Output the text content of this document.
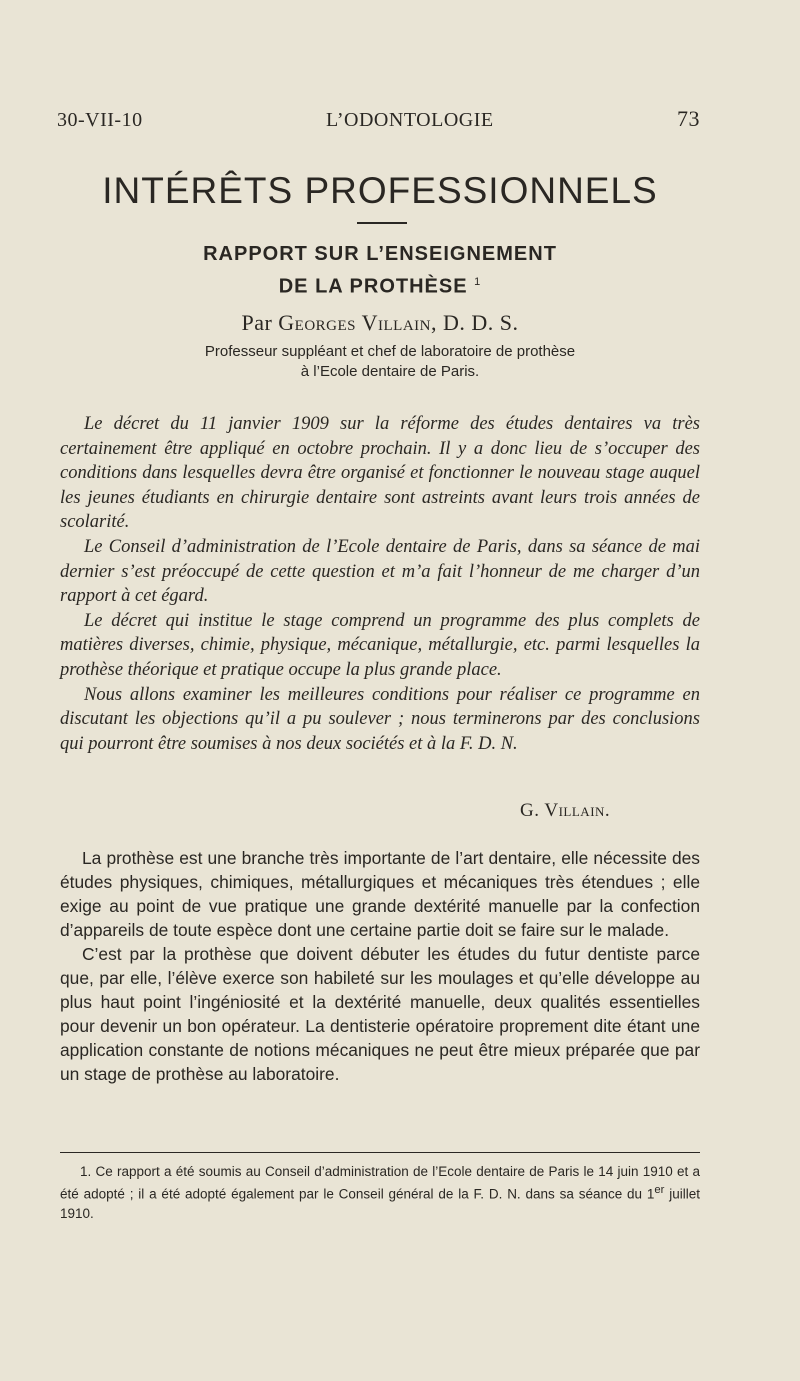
30-VII-10	L’ODONTOLOGIE	73
INTÉRÊTS PROFESSIONNELS
RAPPORT SUR L’ENSEIGNEMENT
DE LA PROTHÈSE $^1$
Par Georges Villain, D. D. S.
Professeur suppléant et chef de laboratoire de prothèse
à l’Ecole dentaire de Paris.

Le décret du 11 janvier 1909 sur la réforme des études dentaires va très certainement être appliqué en octobre prochain. Il y a donc lieu de s’occuper des conditions dans lesquelles devra être organisé et fonctionner le nouveau stage auquel les jeunes étudiants en chirurgie dentaire sont astreints avant leurs trois années de scolarité.

Le Conseil d’administration de l’Ecole dentaire de Paris, dans sa séance de mai dernier s’est préoccupé de cette question et m’a fait l’honneur de me charger d’un rapport à cet égard.

Le décret qui institue le stage comprend un programme des plus complets de matières diverses, chimie, physique, mécanique, métallurgie, etc. parmi lesquelles la prothèse théorique et pratique occupe la plus grande place.

Nous allons examiner les meilleures conditions pour réaliser ce programme en discutant les objections qu’il a pu soulever ; nous terminerons par des conclusions qui pourront être soumises à nos deux sociétés et à la F. D. N.

G. Villain.

La prothèse est une branche très importante de l’art dentaire, elle nécessite des études physiques, chimiques, métallurgiques et mécaniques très étendues ; elle exige au point de vue pratique une grande dextérité manuelle par la confection d’appareils de toute espèce dont une certaine partie doit se faire sur le malade.

C’est par la prothèse que doivent débuter les études du futur dentiste parce que, par elle, l’élève exerce son habileté sur les moulages et qu’elle développe au plus haut point l’ingéniosité et la dextérité manuelle, deux qualités essentielles pour devenir un bon opérateur. La dentisterie opératoire proprement dite étant une application constante de notions mécaniques ne peut être mieux préparée que par un stage de prothèse au laboratoire.

1. Ce rapport a été soumis au Conseil d’administration de l’Ecole dentaire de Paris le 14 juin 1910 et a été adopté ; il a été adopté également par le Conseil général de la F. D. N. dans sa séance du 1er juillet 1910.
